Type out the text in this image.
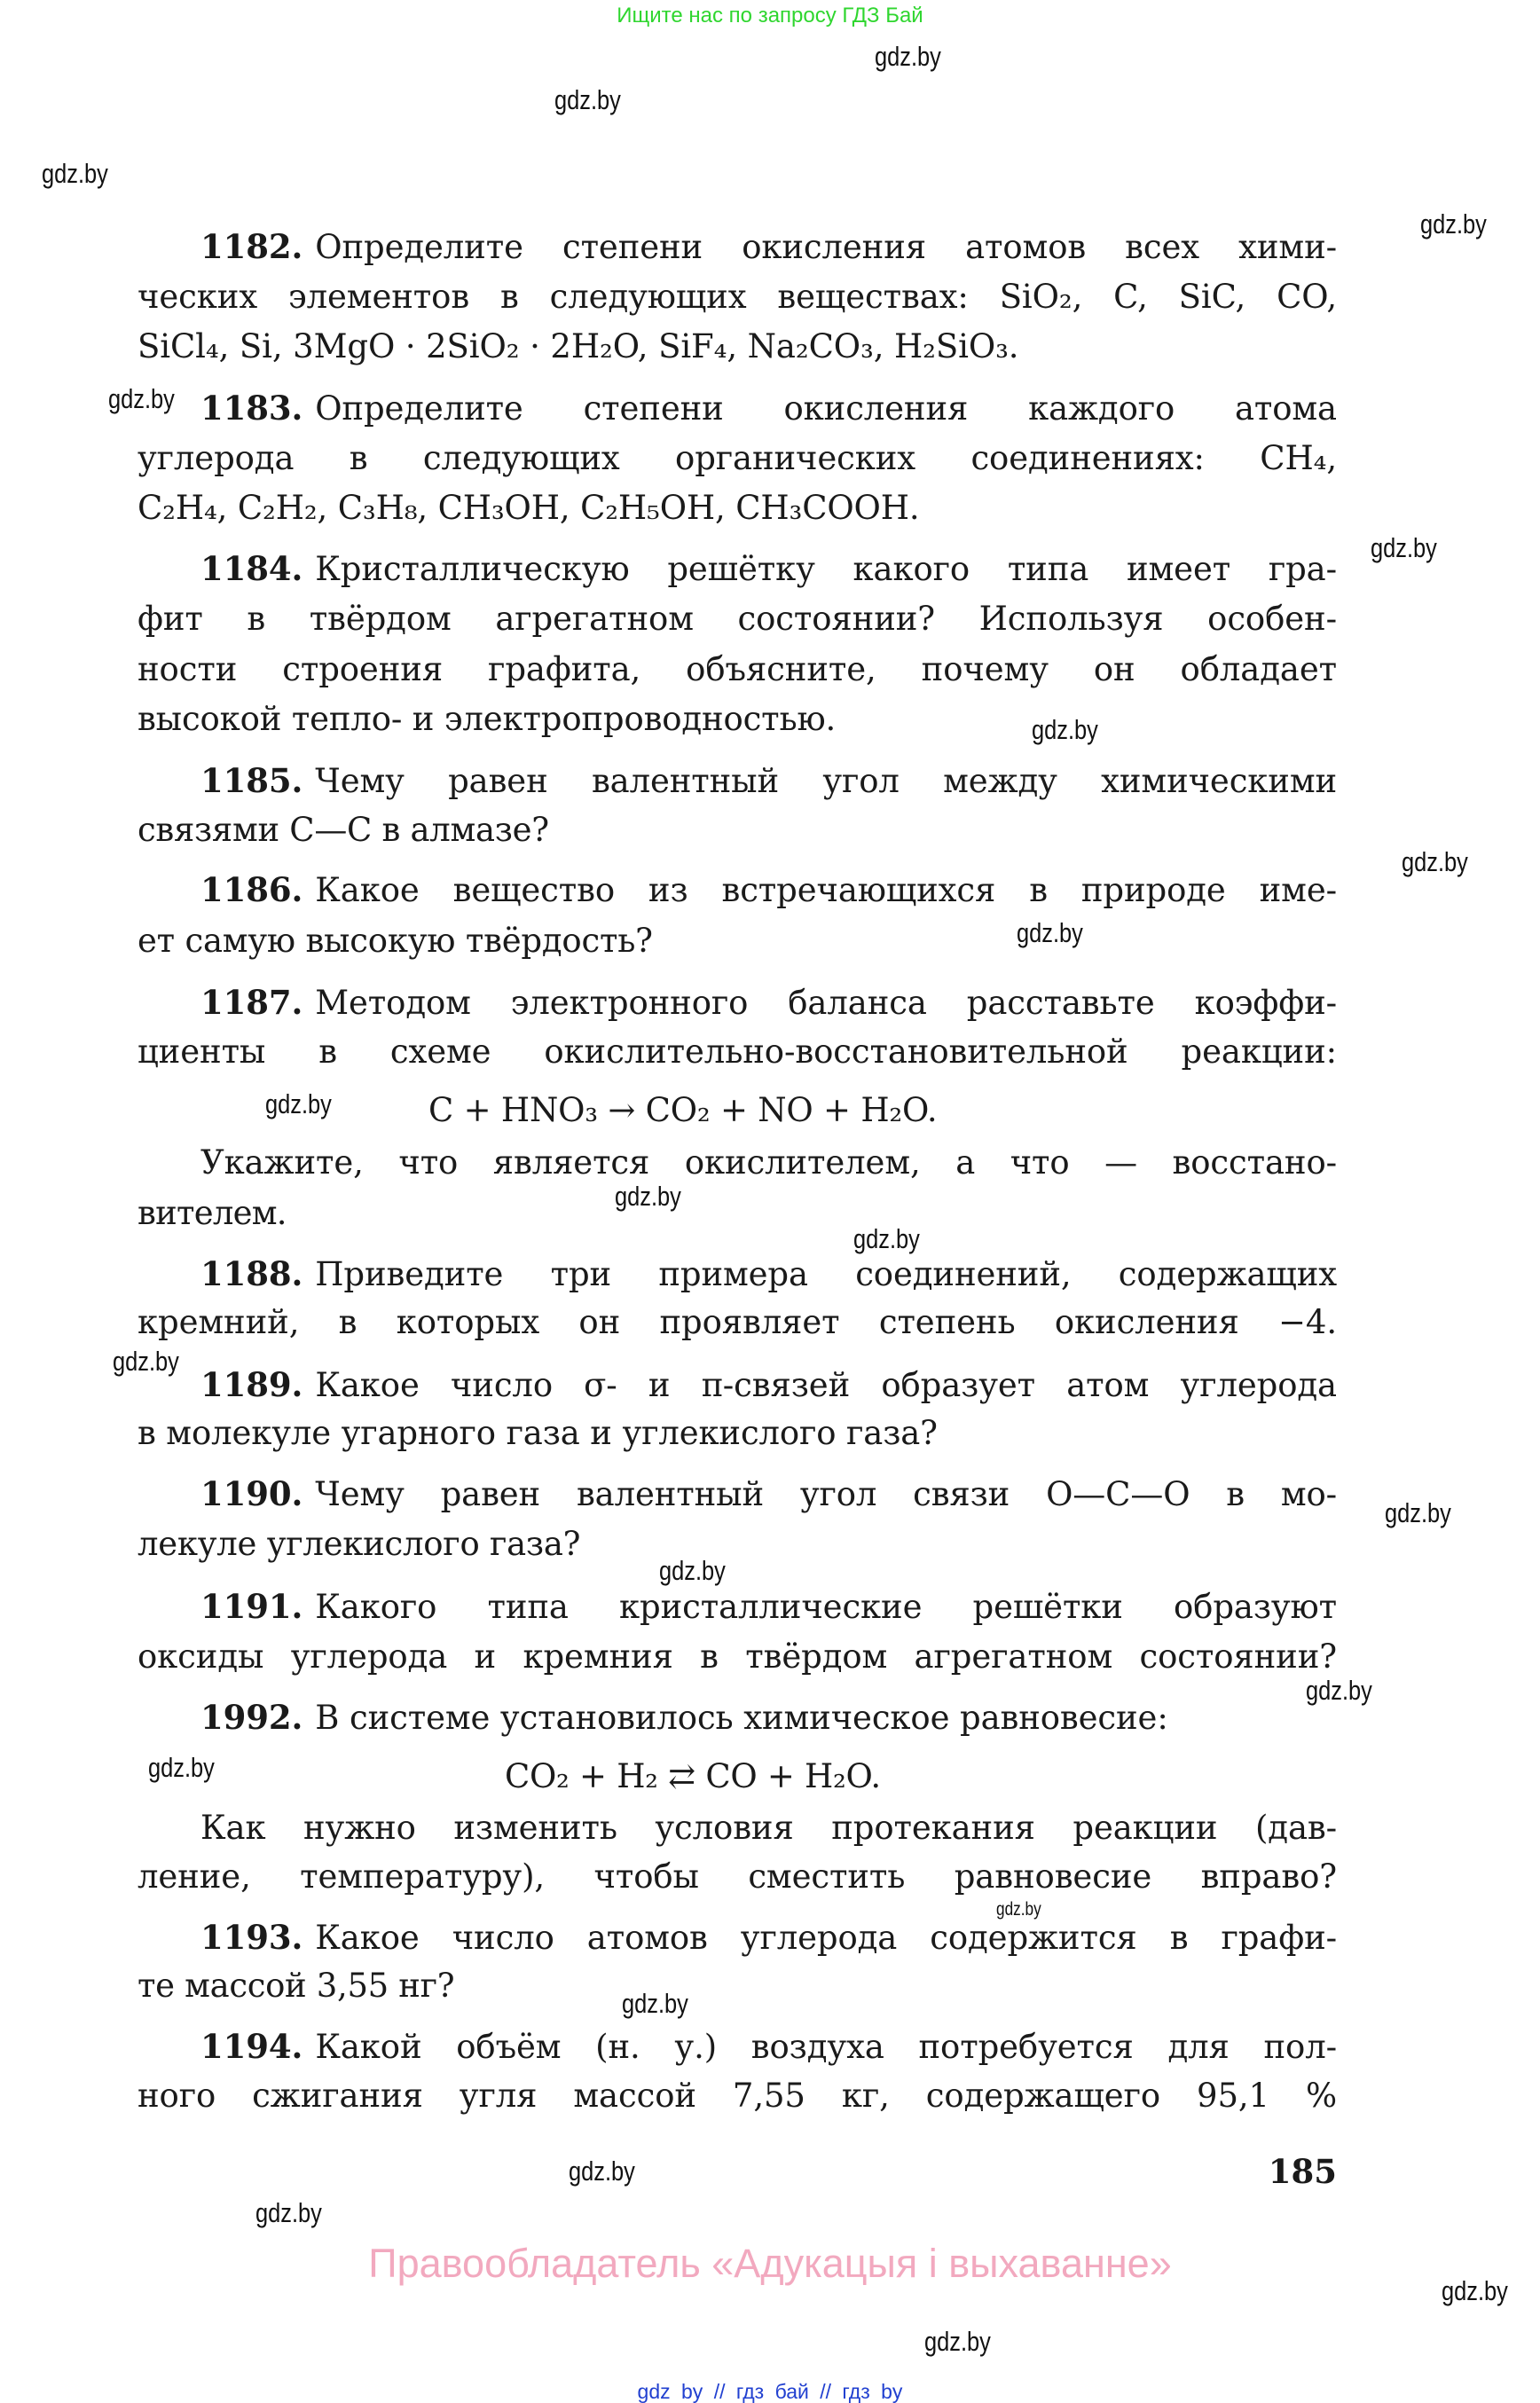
Ищите нас по запросу ГДЗ Бай
1182. Определите степени окисления атомов всех хими-
ческих элементов в следующих веществах: SiO₂, C, SiC, CO,
SiCl₄, Si, 3MgO · 2SiO₂ · 2H₂O, SiF₄, Na₂CO₃, H₂SiO₃.
1183. Определите степени окисления каждого атома
углерода в следующих органических соединениях: CH₄,
C₂H₄, C₂H₂, C₃H₈, CH₃OH, C₂H₅OH, CH₃COOH.
1184. Кристаллическую решётку какого типа имеет гра-
фит в твёрдом агрегатном состоянии? Используя особен-
ности строения графита, объясните, почему он обладает
высокой тепло- и электропроводностью.
1185. Чему равен валентный угол между химическими
связями C—C в алмазе?
1186. Какое вещество из встречающихся в природе име-
ет самую высокую твёрдость?
1187. Методом электронного баланса расставьте коэффи-
циенты в схеме окислительно-восстановительной реакции:
C + HNO₃ → CO₂ + NO + H₂O.
Укажите, что является окислителем, а что — восстано-
вителем.
1188. Приведите три примера соединений, содержащих
кремний, в которых он проявляет степень окисления −4.
1189. Какое число σ- и π-связей образует атом углерода
в молекуле угарного газа и углекислого газа?
1190. Чему равен валентный угол связи O—C—O в мо-
лекуле углекислого газа?
1191. Какого типа кристаллические решётки образуют
оксиды углерода и кремния в твёрдом агрегатном состоянии?
1992. В системе установилось химическое равновесие:
CO₂ + H₂ ⇄ CO + H₂O.
Как нужно изменить условия протекания реакции (дав-
ление, температуру), чтобы сместить равновесие вправо?
1193. Какое число атомов углерода содержится в графи-
те массой 3,55 нг?
1194. Какой объём (н. у.) воздуха потребуется для пол-
ного сжигания угля массой 7,55 кг, содержащего 95,1 %
185
Правообладатель «Адукацыя і выхаванне»
gdz by // гдз бай // гдз by
gdz.by
gdz.by
gdz.by
gdz.by
gdz.by
gdz.by
gdz.by
gdz.by
gdz.by
gdz.by
gdz.by
gdz.by
gdz.by
gdz.by
gdz.by
gdz.by
gdz.by
gdz.by
gdz.by
gdz.by
gdz.by
gdz.by
gdz.by
